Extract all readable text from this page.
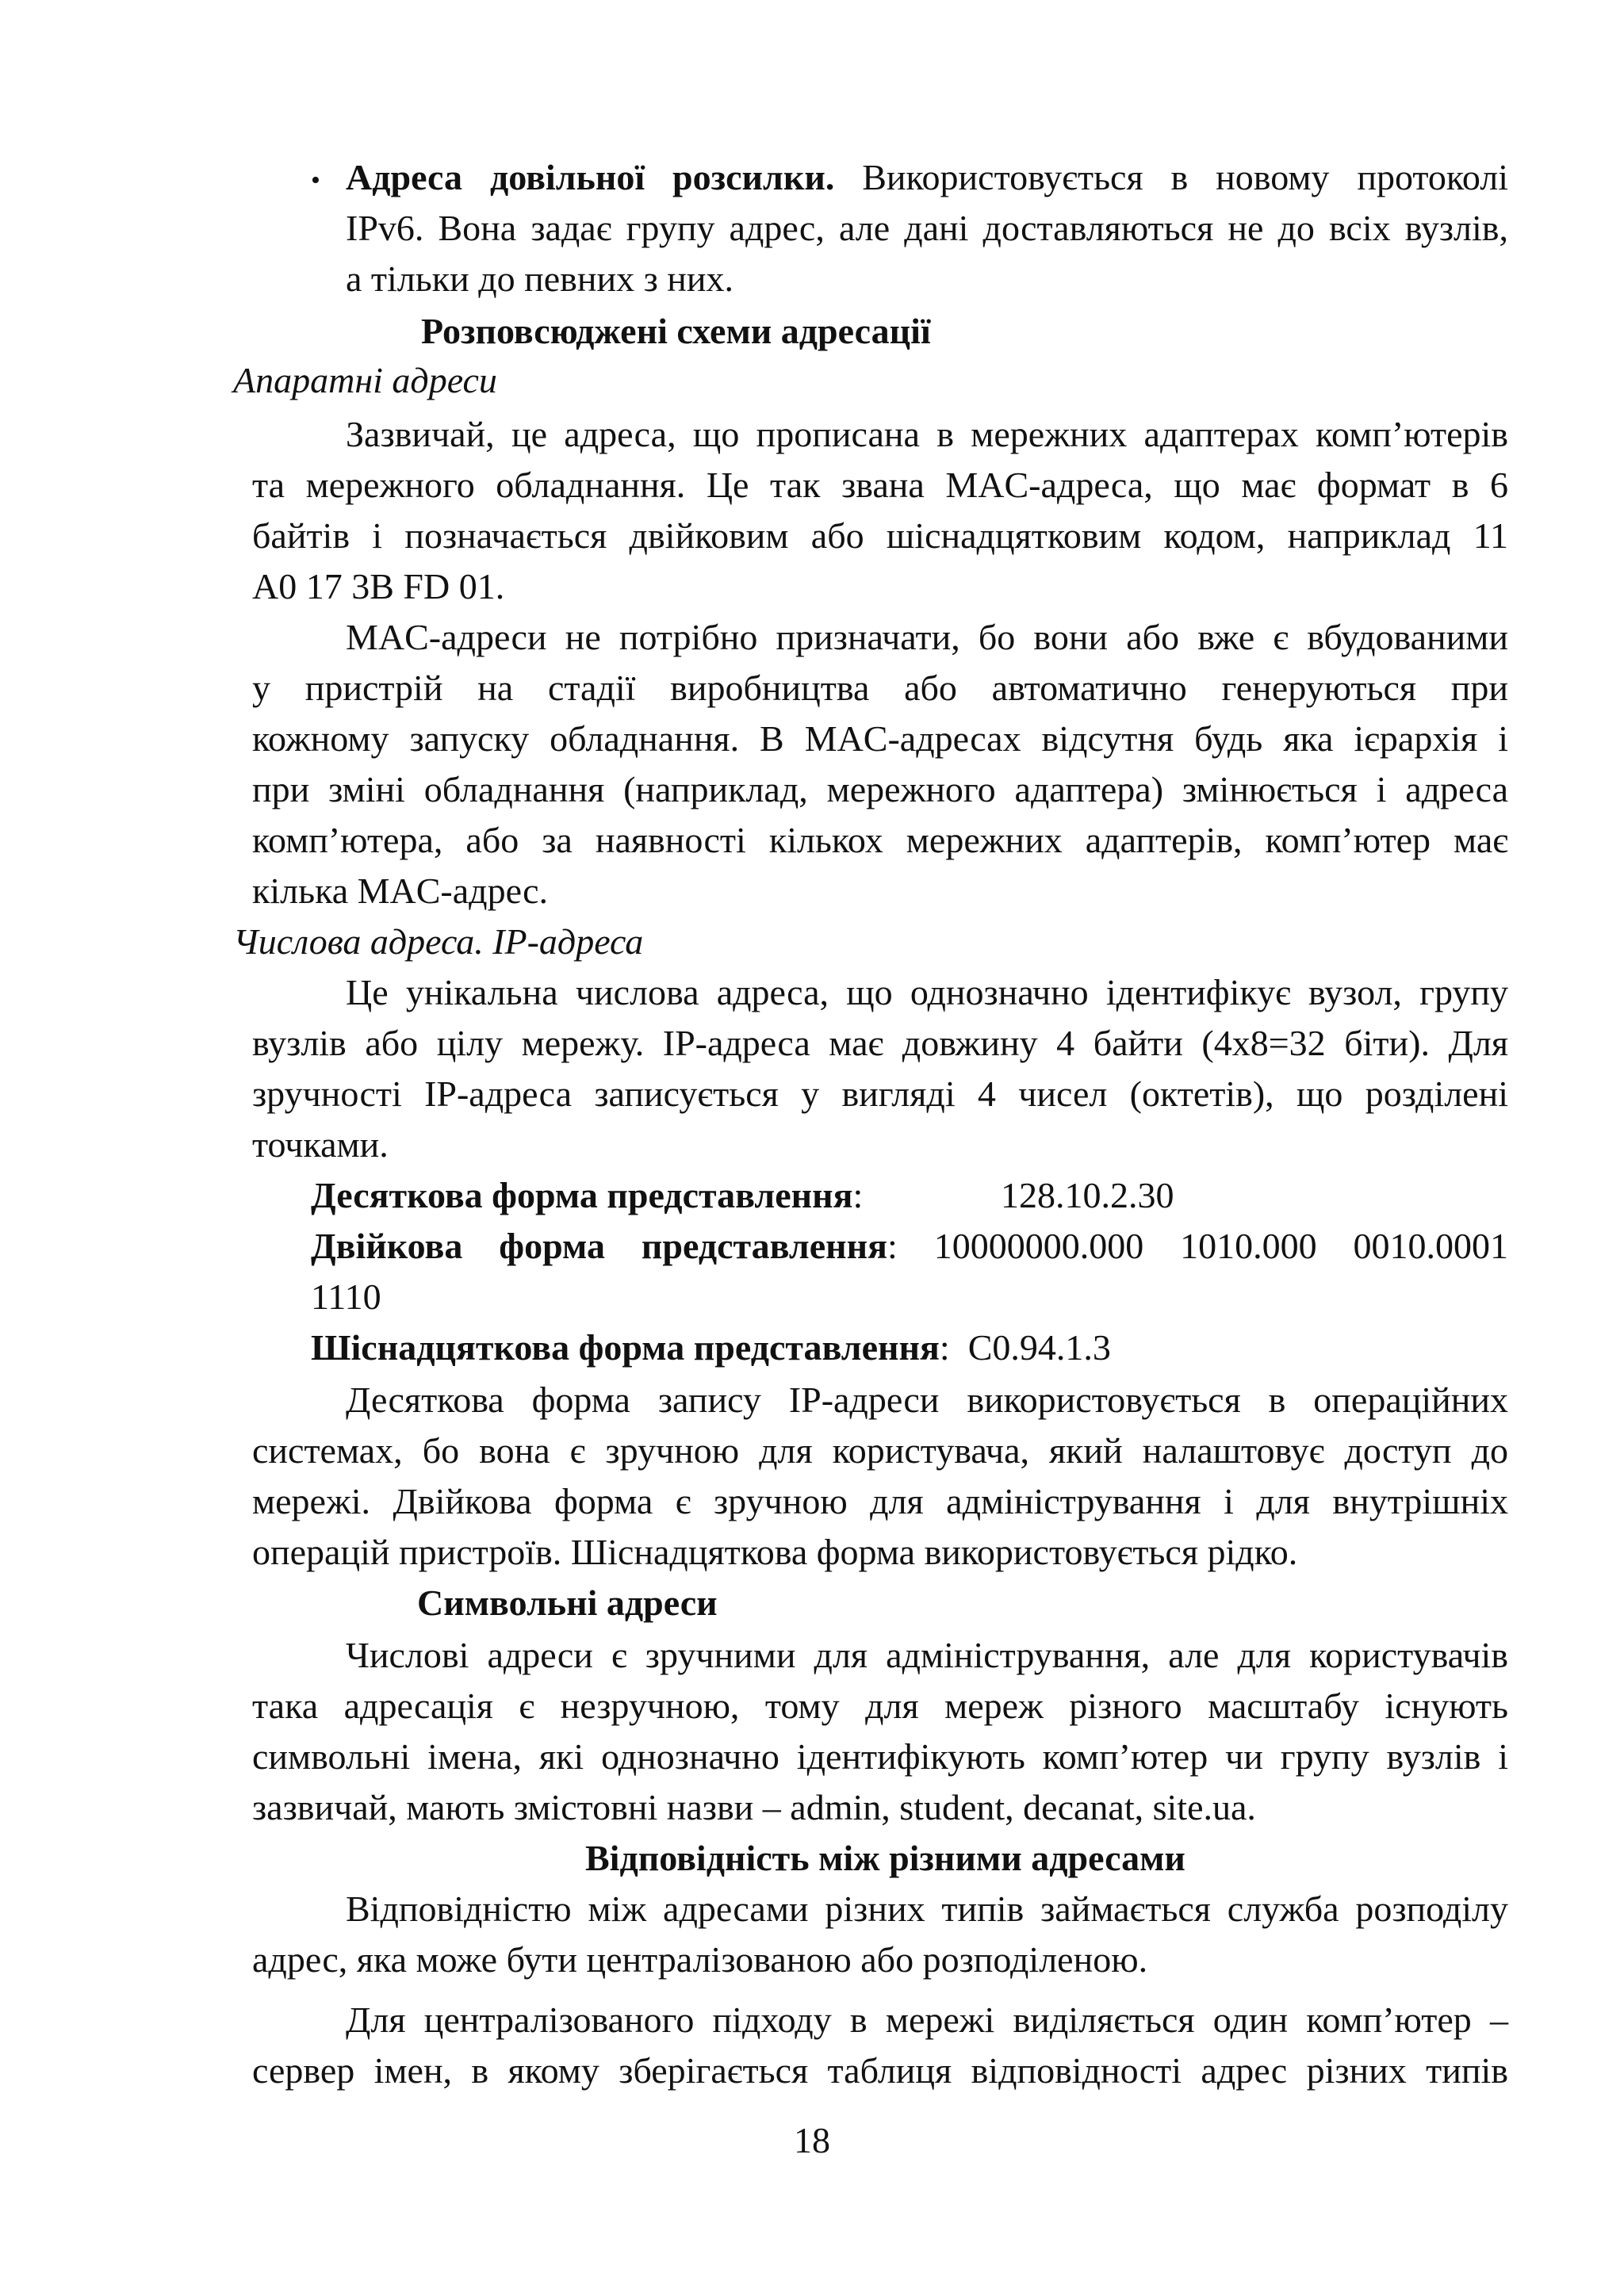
• Адреса довільної розсилки. Використовується в новому протоколі
IPv6. Вона задає групу адрес, але дані доставляються не до всіх вузлів,
а тільки до певних з них.
Розповсюджені схеми адресації
Апаратні адреси
Зазвичай, це адреса, що прописана в мережних адаптерах комп’ютерів
та мережного обладнання. Це так звана MAC-адреса, що має формат в 6
байтів і позначається двійковим або шіснадцятковим кодом, наприклад 11
A0 17 3B FD 01.
MAC-адреси не потрібно призначати, бо вони або вже є вбудованими
у пристрій на стадії виробництва або автоматично генеруються при
кожному запуску обладнання. В MAC-адресах відсутня будь яка ієрархія і
при зміні обладнання (наприклад, мережного адаптера) змінюється і адреса
комп’ютера, або за наявності кількох мережних адаптерів, комп’ютер має
кілька MAC-адрес.
Числова адреса. IP-адреса
Це унікальна числова адреса, що однозначно ідентифікує вузол, групу
вузлів або цілу мережу. IP-адреса має довжину 4 байти (4х8=32 біти). Для
зручності IP-адреса записується у вигляді 4 чисел (октетів), що розділені
точками.
Десяткова форма представлення:	128.10.2.30
Двійкова форма представлення: 10000000.000 1010.000 0010.0001
1110
Шіснадцяткова форма представлення: C0.94.1.3
Десяткова форма запису IP-адреси використовується в операційних
системах, бо вона є зручною для користувача, який налаштовує доступ до
мережі. Двійкова форма є зручною для адміністрування і для внутрішніх
операцій пристроїв. Шіснадцяткова форма використовується рідко.
Символьні адреси
Числові адреси є зручними для адміністрування, але для користувачів
така адресація є незручною, тому для мереж різного масштабу існують
символьні імена, які однозначно ідентифікують комп’ютер чи групу вузлів і
зазвичай, мають змістовні назви – admin, student, decanat, site.ua.
Відповідність між різними адресами
Відповідністю між адресами різних типів займається служба розподілу
адрес, яка може бути централізованою або розподіленою.
Для централізованого підходу в мережі виділяється один комп’ютер –
сервер імен, в якому зберігається таблиця відповідності адрес різних типів
18
